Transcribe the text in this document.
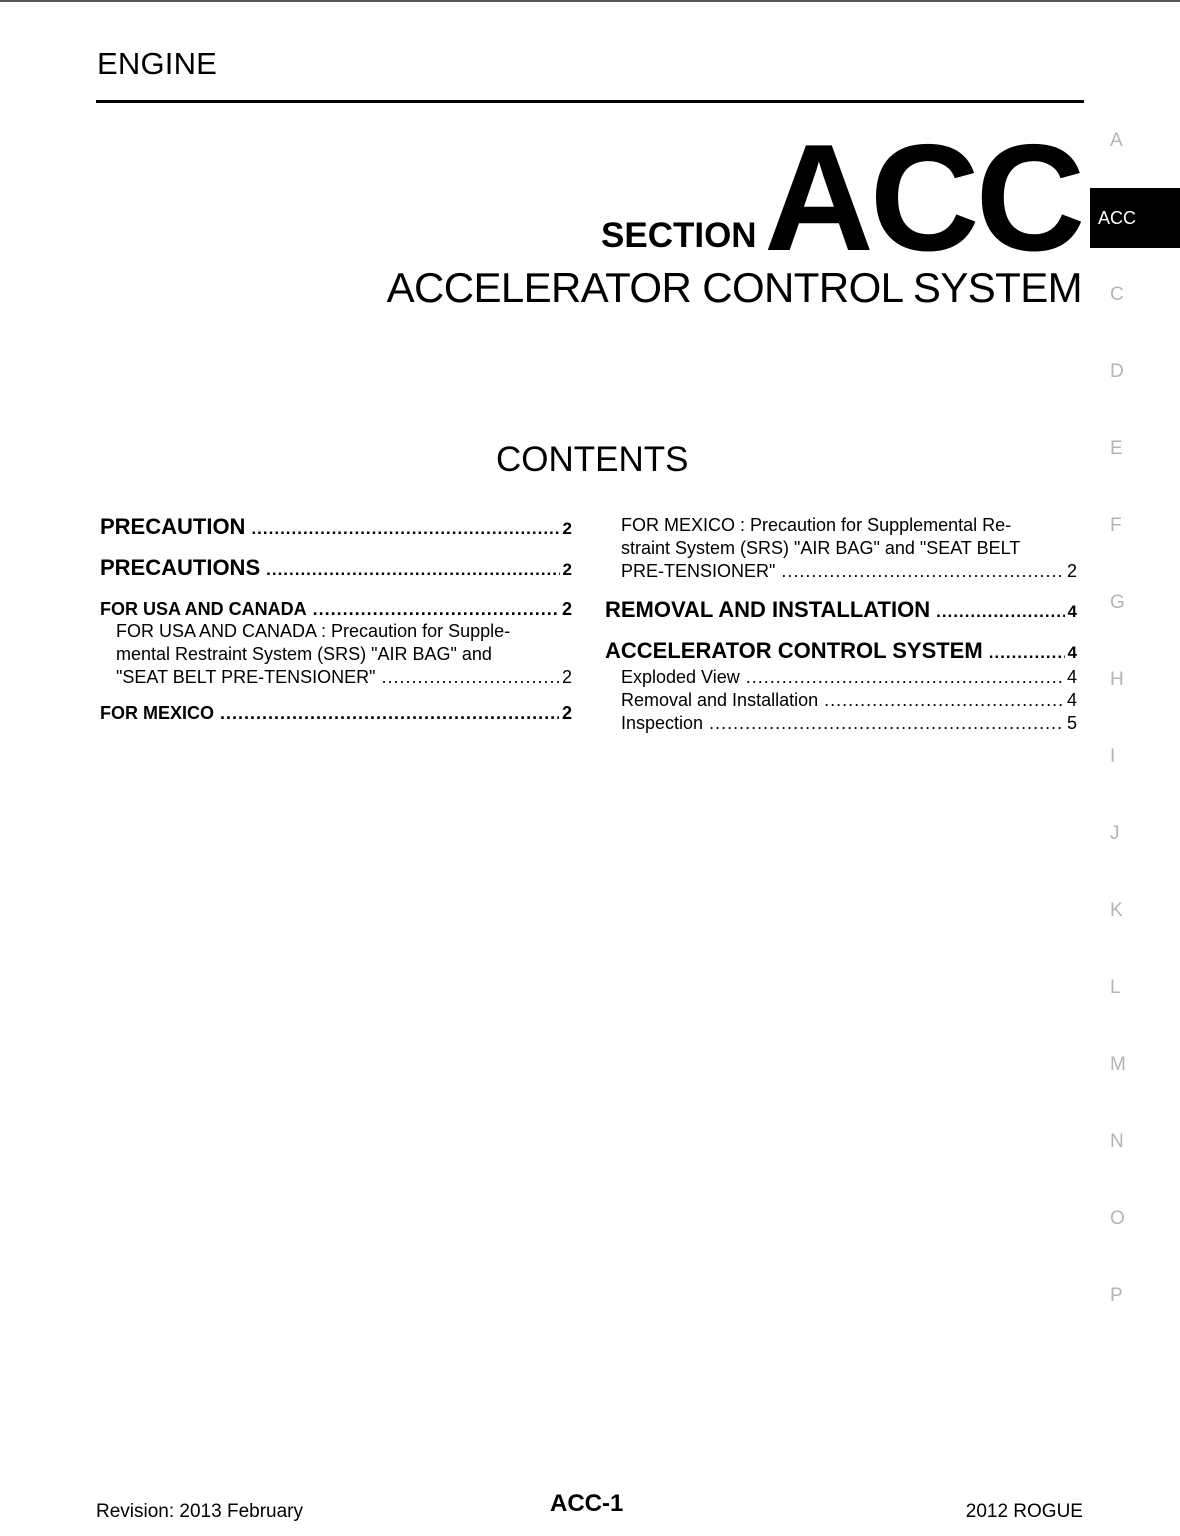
ENGINE
SECTION ACC
ACCELERATOR CONTROL SYSTEM
CONTENTS
PRECAUTION .....	2
PRECAUTIONS .....	2
FOR USA AND CANADA .....	2
FOR USA AND CANADA : Precaution for Supple-
mental Restraint System (SRS) "AIR BAG" and
"SEAT BELT PRE-TENSIONER" .....	2
FOR MEXICO .....	2
FOR MEXICO : Precaution for Supplemental Re-
straint System (SRS) "AIR BAG" and "SEAT BELT
PRE-TENSIONER" .....	2
REMOVAL AND INSTALLATION .....	4
ACCELERATOR CONTROL SYSTEM .....	4
Exploded View .....	4
Removal and Installation .....	4
Inspection .....	5
A
ACC
C
D
E
F
G
H
I
J
K
L
M
N
O
P
Revision: 2013 February	ACC-1	2012 ROGUE
